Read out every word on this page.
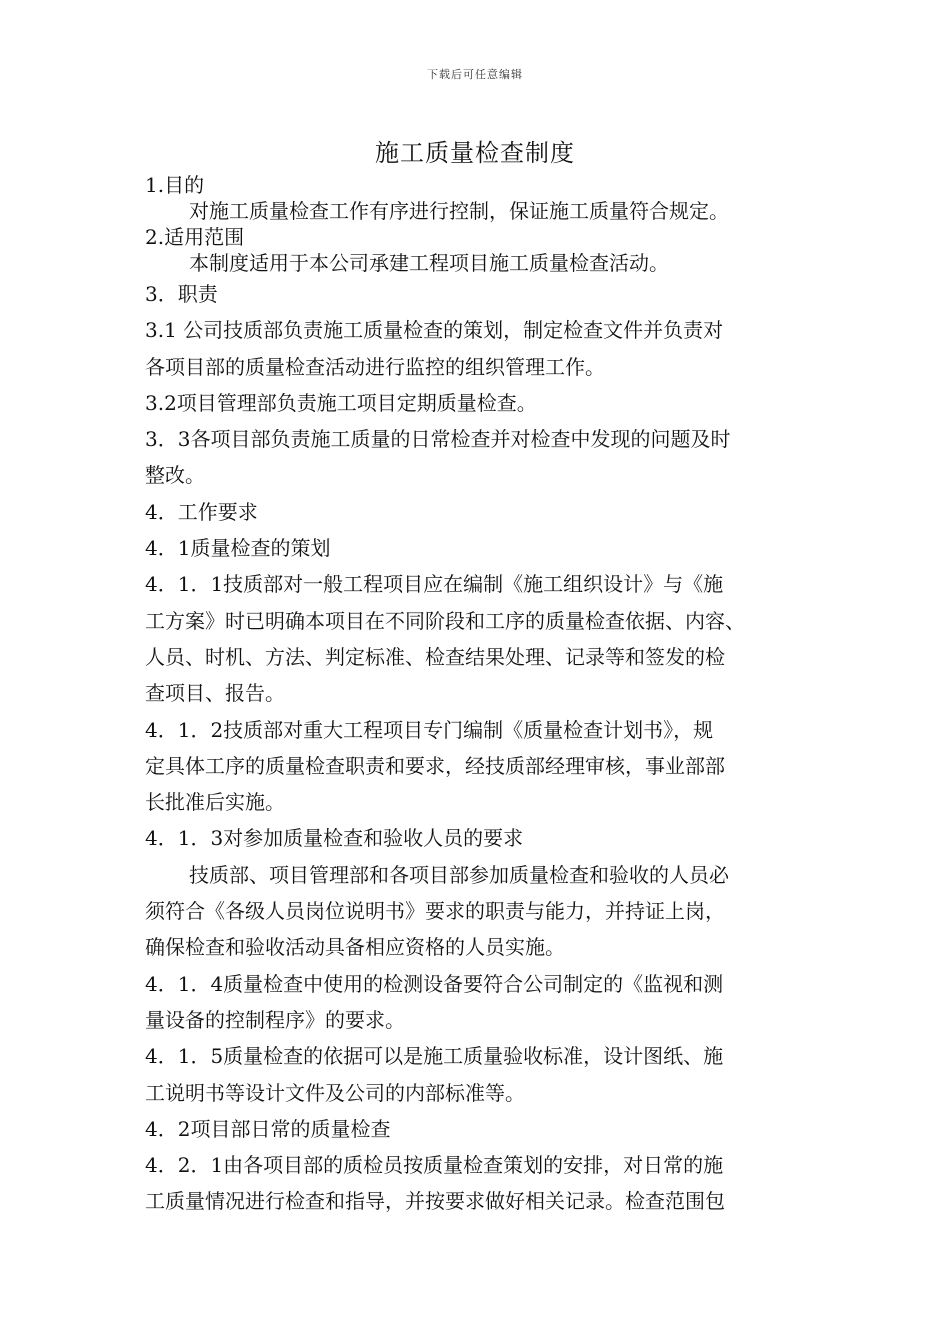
下载后可任意编辑
施工质量检查制度
1.目的
对施工质量检查工作有序进行控制，保证施工质量符合规定。
2.适用范围
本制度适用于本公司承建工程项目施工质量检查活动。
3．职责
3.1 公司技质部负责施工质量检查的策划，制定检查文件并负责对
各项目部的质量检查活动进行监控的组织管理工作。
3.2项目管理部负责施工项目定期质量检查。
3．3各项目部负责施工质量的日常检查并对检查中发现的问题及时
整改。
4．工作要求
4．1质量检查的策划
4．1．1技质部对一般工程项目应在编制《施工组织设计》与《施
工方案》时已明确本项目在不同阶段和工序的质量检查依据、内容、
人员、时机、方法、判定标准、检查结果处理、记录等和签发的检
查项目、报告。
4．1．2技质部对重大工程项目专门编制《质量检查计划书》，规
定具体工序的质量检查职责和要求，经技质部经理审核，事业部部
长批准后实施。
4．1．3对参加质量检查和验收人员的要求
技质部、项目管理部和各项目部参加质量检查和验收的人员必
须符合《各级人员岗位说明书》要求的职责与能力，并持证上岗，
确保检查和验收活动具备相应资格的人员实施。
4．1．4质量检查中使用的检测设备要符合公司制定的《监视和测
量设备的控制程序》的要求。
4．1．5质量检查的依据可以是施工质量验收标准，设计图纸、施
工说明书等设计文件及公司的内部标准等。
4．2项目部日常的质量检查
4．2．1由各项目部的质检员按质量检查策划的安排，对日常的施
工质量情况进行检查和指导，并按要求做好相关记录。检查范围包
